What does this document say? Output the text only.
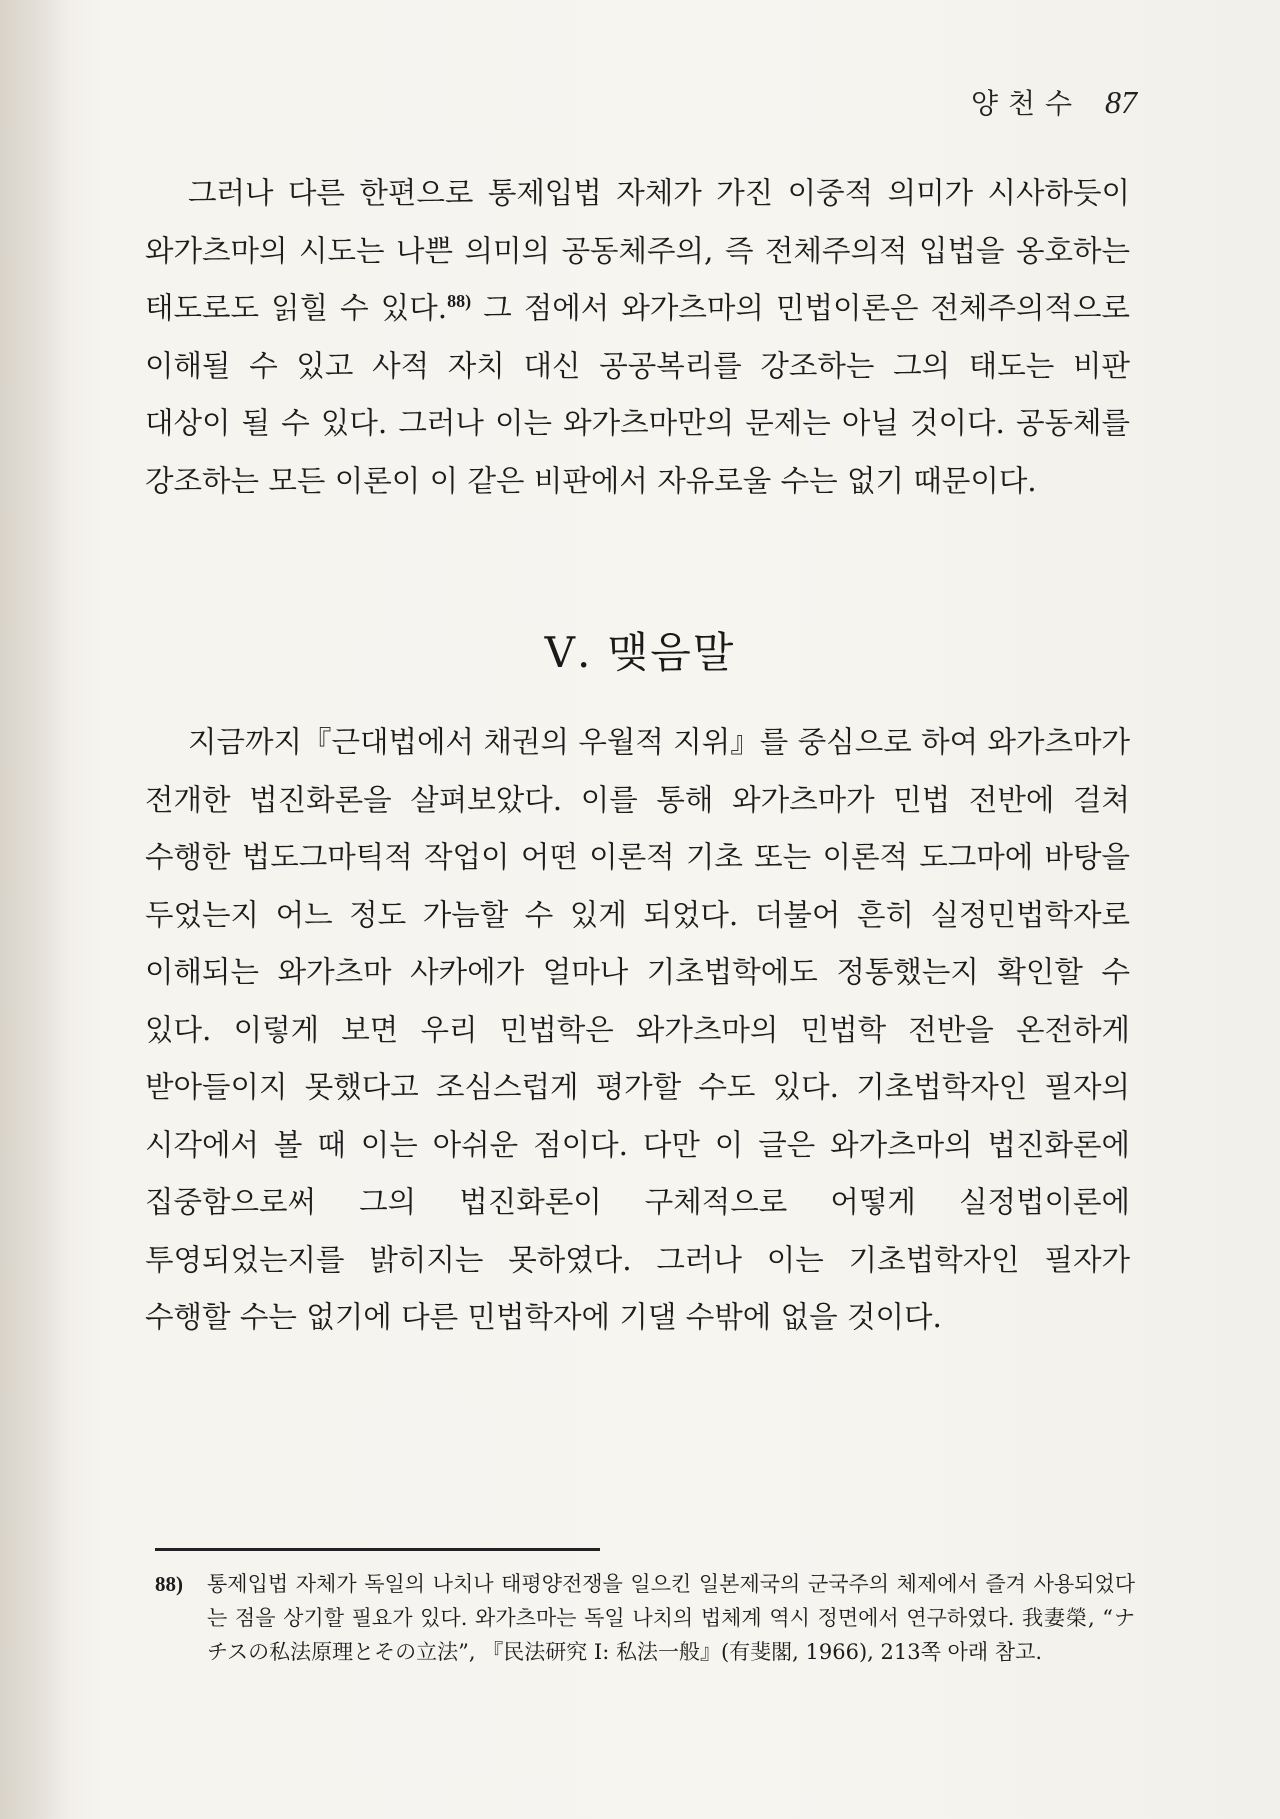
양천수 87

그러나 다른 한편으로 통제입법 자체가 가진 이중적 의미가 시사하듯이 와가츠마의 시도는 나쁜 의미의 공동체주의, 즉 전체주의적 입법을 옹호하는 태도로도 읽힐 수 있다.$^{88)}$ 그 점에서 와가츠마의 민법이론은 전체주의적으로 이해될 수 있고 사적 자치 대신 공공복리를 강조하는 그의 태도는 비판 대상이 될 수 있다. 그러나 이는 와가츠마만의 문제는 아닐 것이다. 공동체를 강조하는 모든 이론이 이 같은 비판에서 자유로울 수는 없기 때문이다.

Ⅴ. 맺음말

지금까지『근대법에서 채권의 우월적 지위』를 중심으로 하여 와가츠마가 전개한 법진화론을 살펴보았다. 이를 통해 와가츠마가 민법 전반에 걸쳐 수행한 법도그마틱적 작업이 어떤 이론적 기초 또는 이론적 도그마에 바탕을 두었는지 어느 정도 가늠할 수 있게 되었다. 더불어 흔히 실정민법학자로 이해되는 와가츠마 사카에가 얼마나 기초법학에도 정통했는지 확인할 수 있다. 이렇게 보면 우리 민법학은 와가츠마의 민법학 전반을 온전하게 받아들이지 못했다고 조심스럽게 평가할 수도 있다. 기초법학자인 필자의 시각에서 볼 때 이는 아쉬운 점이다. 다만 이 글은 와가츠마의 법진화론에 집중함으로써 그의 법진화론이 구체적으로 어떻게 실정법이론에 투영되었는지를 밝히지는 못하였다. 그러나 이는 기초법학자인 필자가 수행할 수는 없기에 다른 민법학자에 기댈 수밖에 없을 것이다.

88) 통제입법 자체가 독일의 나치나 태평양전쟁을 일으킨 일본제국의 군국주의 체제에서 즐겨 사용되었다는 점을 상기할 필요가 있다. 와가츠마는 독일 나치의 법체계 역시 정면에서 연구하였다. 我妻榮, “ナチスの私法原理とその立法”, 『民法研究 I: 私法一般』(有斐閣, 1966), 213쪽 아래 참고.
